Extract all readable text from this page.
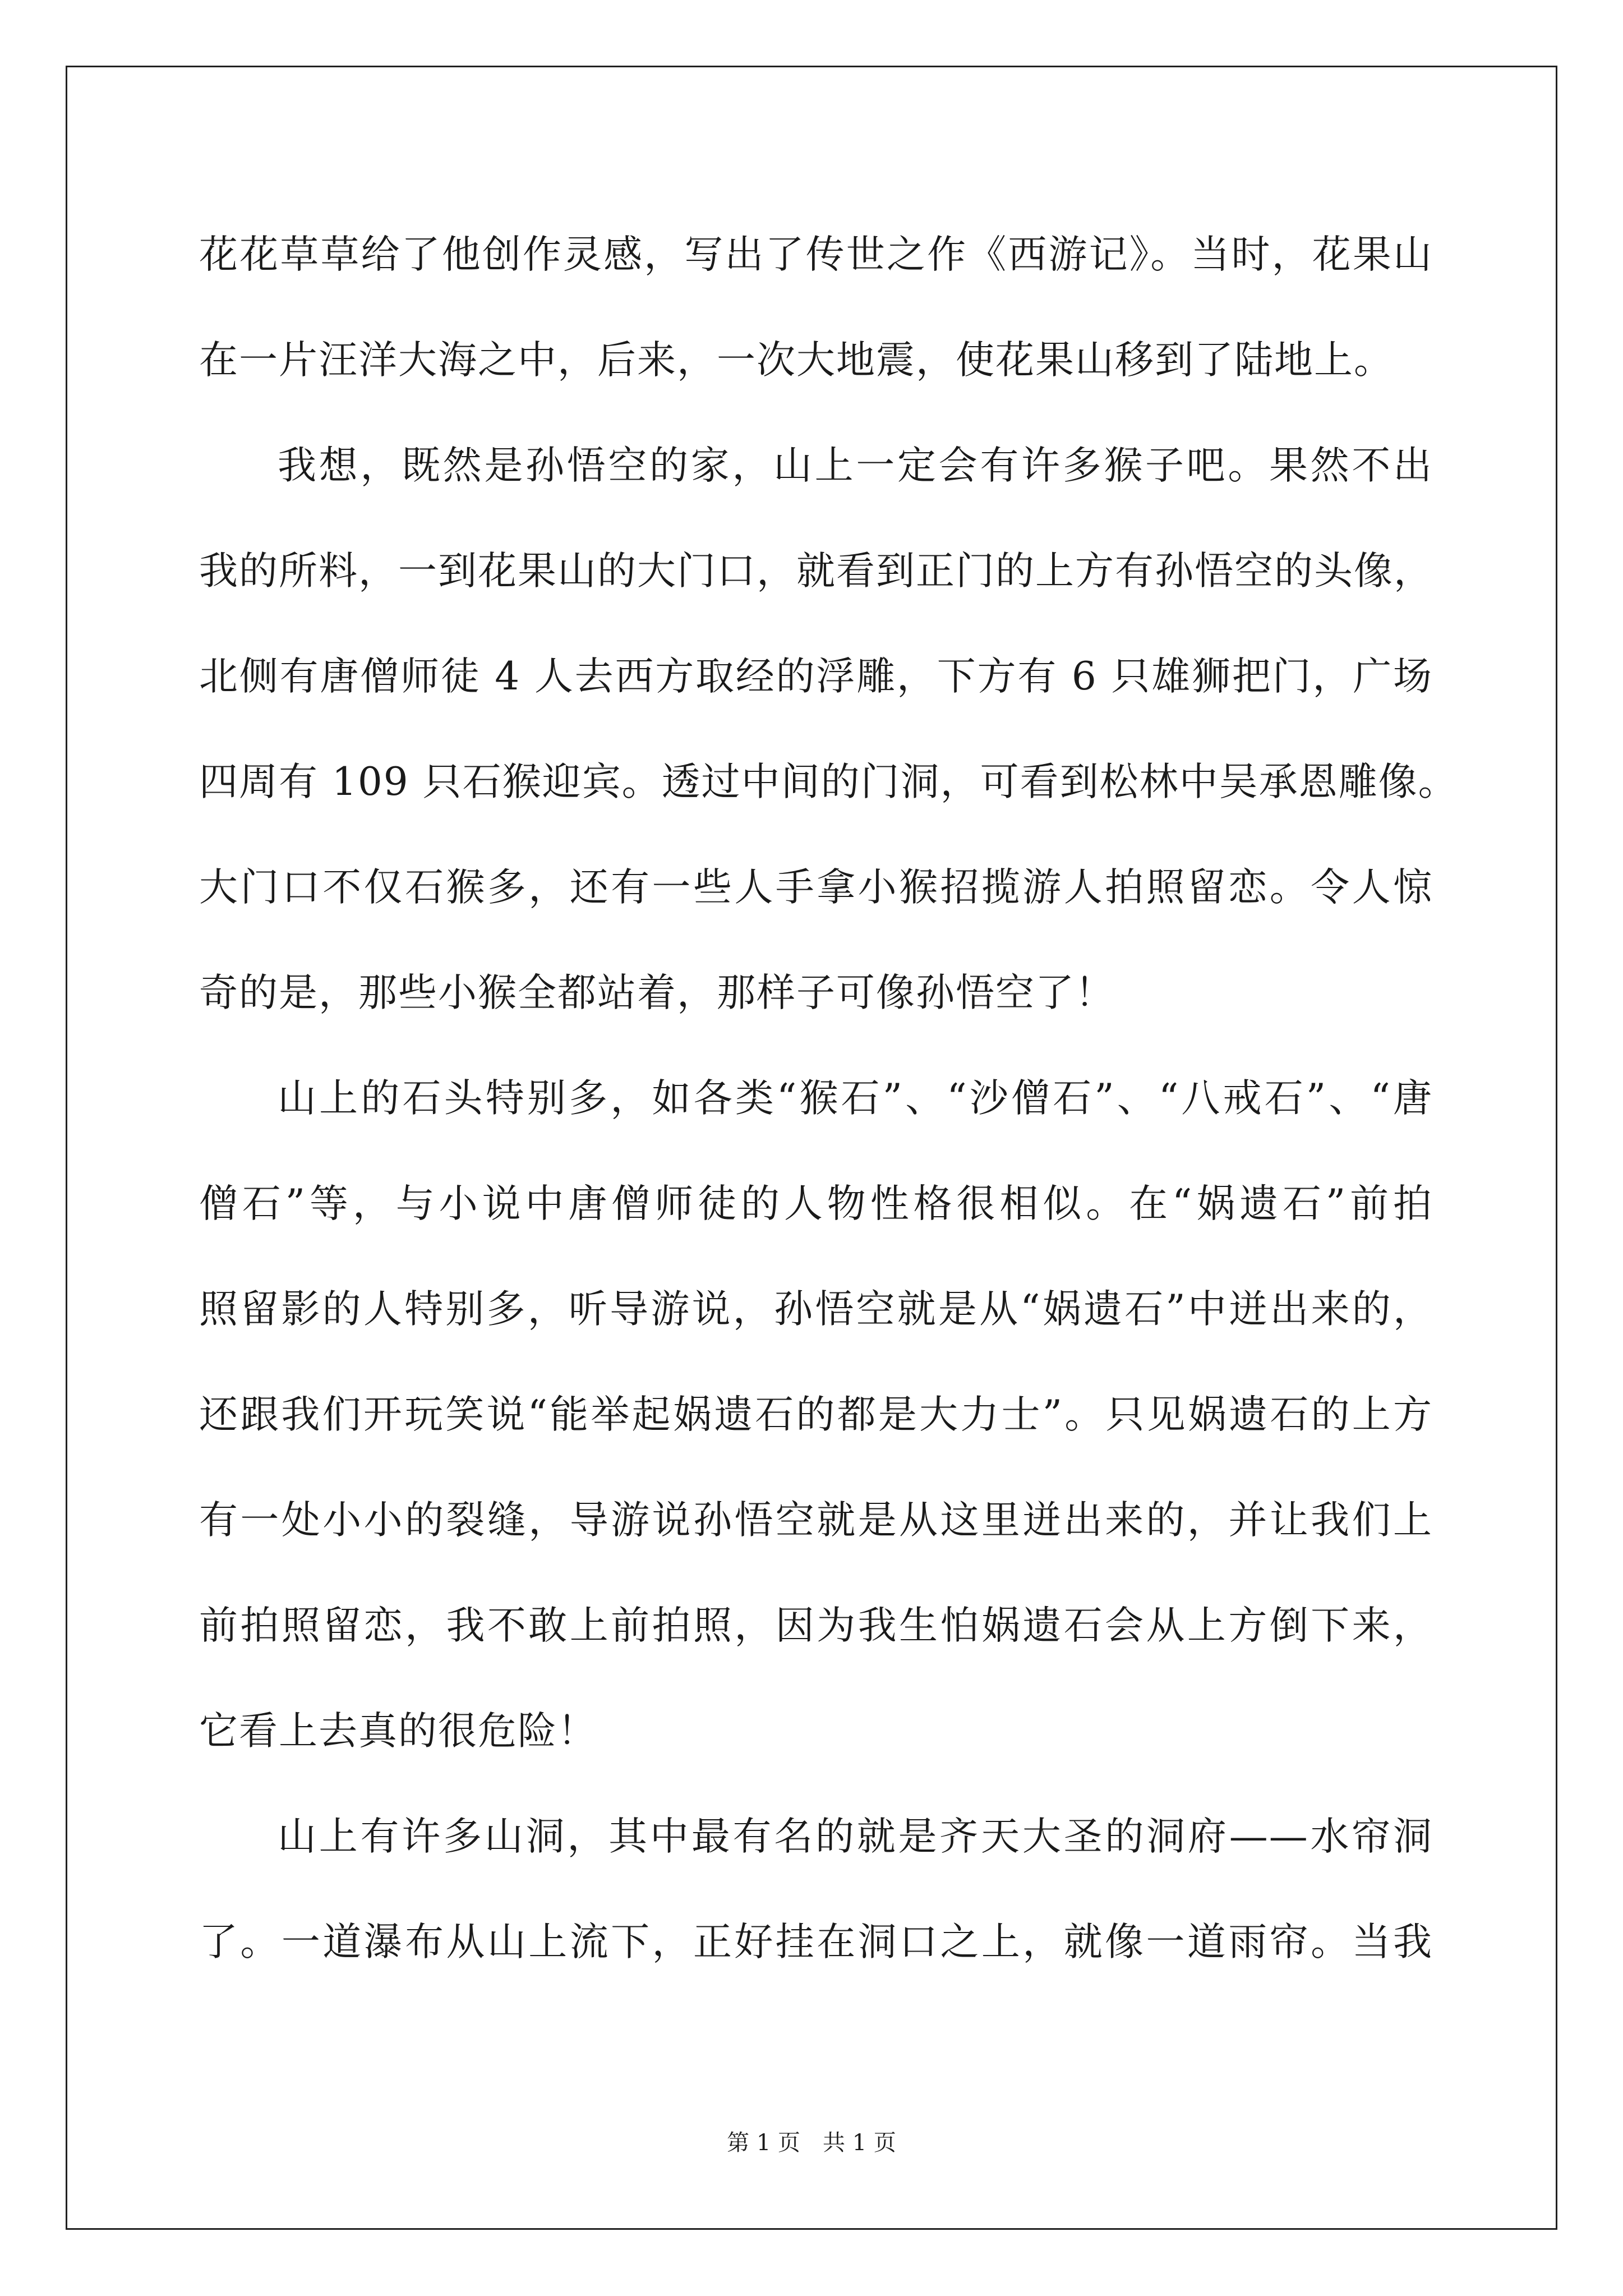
花花草草给了他创作灵感，写出了传世之作《西游记》。当时，花果山
在一片汪洋大海之中，后来，一次大地震，使花果山移到了陆地上。
我想，既然是孙悟空的家，山上一定会有许多猴子吧。果然不出
我的所料，一到花果山的大门口，就看到正门的上方有孙悟空的头像，
北侧有唐僧师徒 4 人去西方取经的浮雕，下方有 6 只雄狮把门，广场
四周有 109 只石猴迎宾。透过中间的门洞，可看到松林中吴承恩雕像。
大门口不仅石猴多，还有一些人手拿小猴招揽游人拍照留恋。令人惊
奇的是，那些小猴全都站着，那样子可像孙悟空了！
山上的石头特别多，如各类“猴石”、“沙僧石”、“八戒石”、“唐
僧石”等，与小说中唐僧师徒的人物性格很相似。在“娲遗石”前拍
照留影的人特别多，听导游说，孙悟空就是从“娲遗石”中迸出来的，
还跟我们开玩笑说“能举起娲遗石的都是大力士”。只见娲遗石的上方
有一处小小的裂缝，导游说孙悟空就是从这里迸出来的，并让我们上
前拍照留恋，我不敢上前拍照，因为我生怕娲遗石会从上方倒下来，
它看上去真的很危险！
山上有许多山洞，其中最有名的就是齐天大圣的洞府——水帘洞
了。一道瀑布从山上流下，正好挂在洞口之上，就像一道雨帘。当我
第 1 页　共 1 页
